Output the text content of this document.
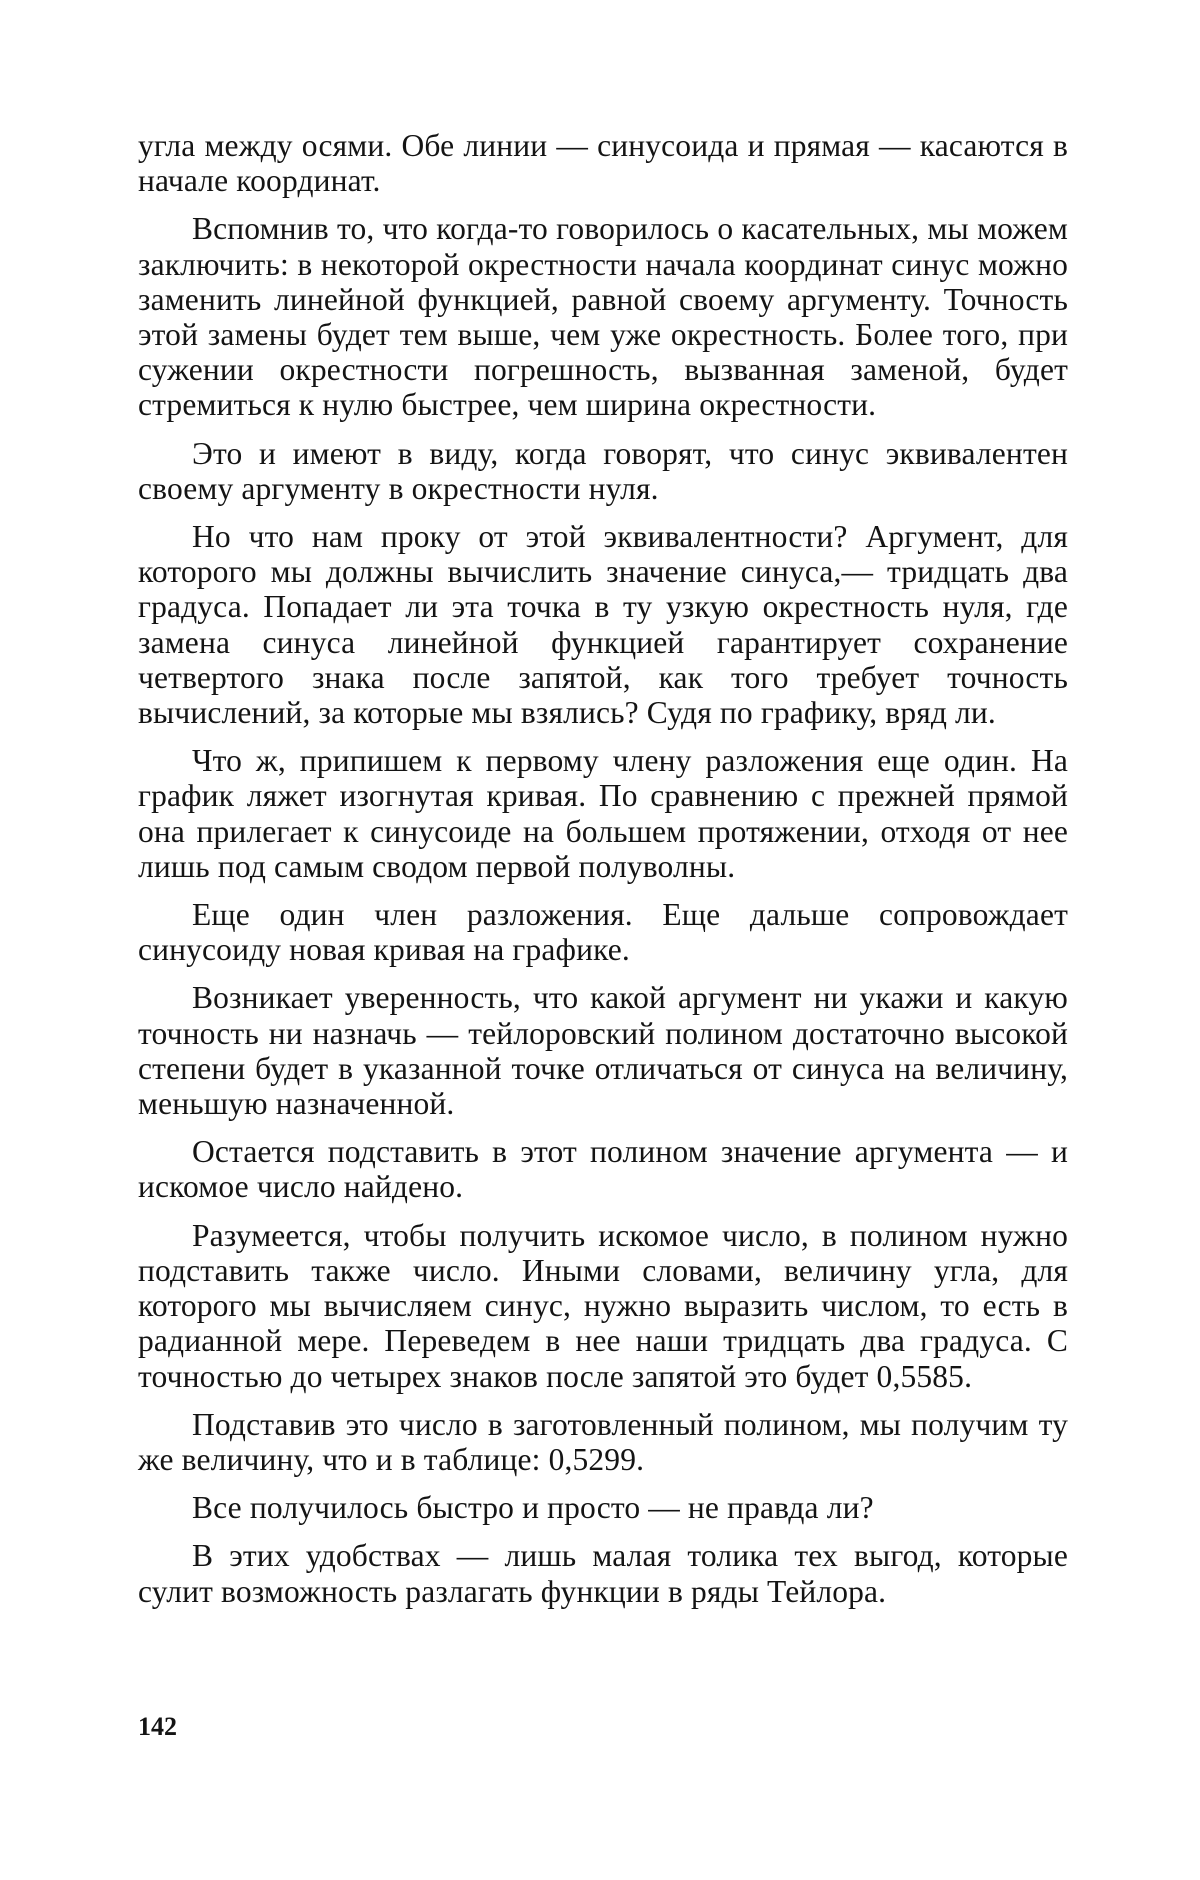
угла между осями. Обе линии — синусоида и прямая — касаются в начале координат.

Вспомнив то, что когда-то говорилось о касательных, мы можем заключить: в некоторой окрестности начала координат синус можно заменить линейной функцией, равной своему аргументу. Точность этой замены будет тем выше, чем уже окрестность. Более того, при сужении окрестности погрешность, вызванная заменой, будет стремиться к нулю быстрее, чем ширина окрестности.

Это и имеют в виду, когда говорят, что синус эквивалентен своему аргументу в окрестности нуля.

Но что нам проку от этой эквивалентности? Аргумент, для которого мы должны вычислить значение синуса,— тридцать два градуса. Попадает ли эта точка в ту узкую окрестность нуля, где замена синуса линейной функцией гарантирует сохранение четвертого знака после запятой, как того требует точность вычислений, за которые мы взялись? Судя по графику, вряд ли.

Что ж, припишем к первому члену разложения еще один. На график ляжет изогнутая кривая. По сравнению с прежней прямой она прилегает к синусоиде на большем протяжении, отходя от нее лишь под самым сводом первой полуволны.

Еще один член разложения. Еще дальше сопровождает синусоиду новая кривая на графике.

Возникает уверенность, что какой аргумент ни укажи и какую точность ни назначь — тейлоровский полином достаточно высокой степени будет в указанной точке отличаться от синуса на величину, меньшую назначенной.

Остается подставить в этот полином значение аргумента — и искомое число найдено.

Разумеется, чтобы получить искомое число, в полином нужно подставить также число. Иными словами, величину угла, для которого мы вычисляем синус, нужно выразить числом, то есть в радианной мере. Переведем в нее наши тридцать два градуса. С точностью до четырех знаков после запятой это будет 0,5585.

Подставив это число в заготовленный полином, мы получим ту же величину, что и в таблице: 0,5299.

Все получилось быстро и просто — не правда ли?

В этих удобствах — лишь малая толика тех выгод, которые сулит возможность разлагать функции в ряды Тейлора.

142
